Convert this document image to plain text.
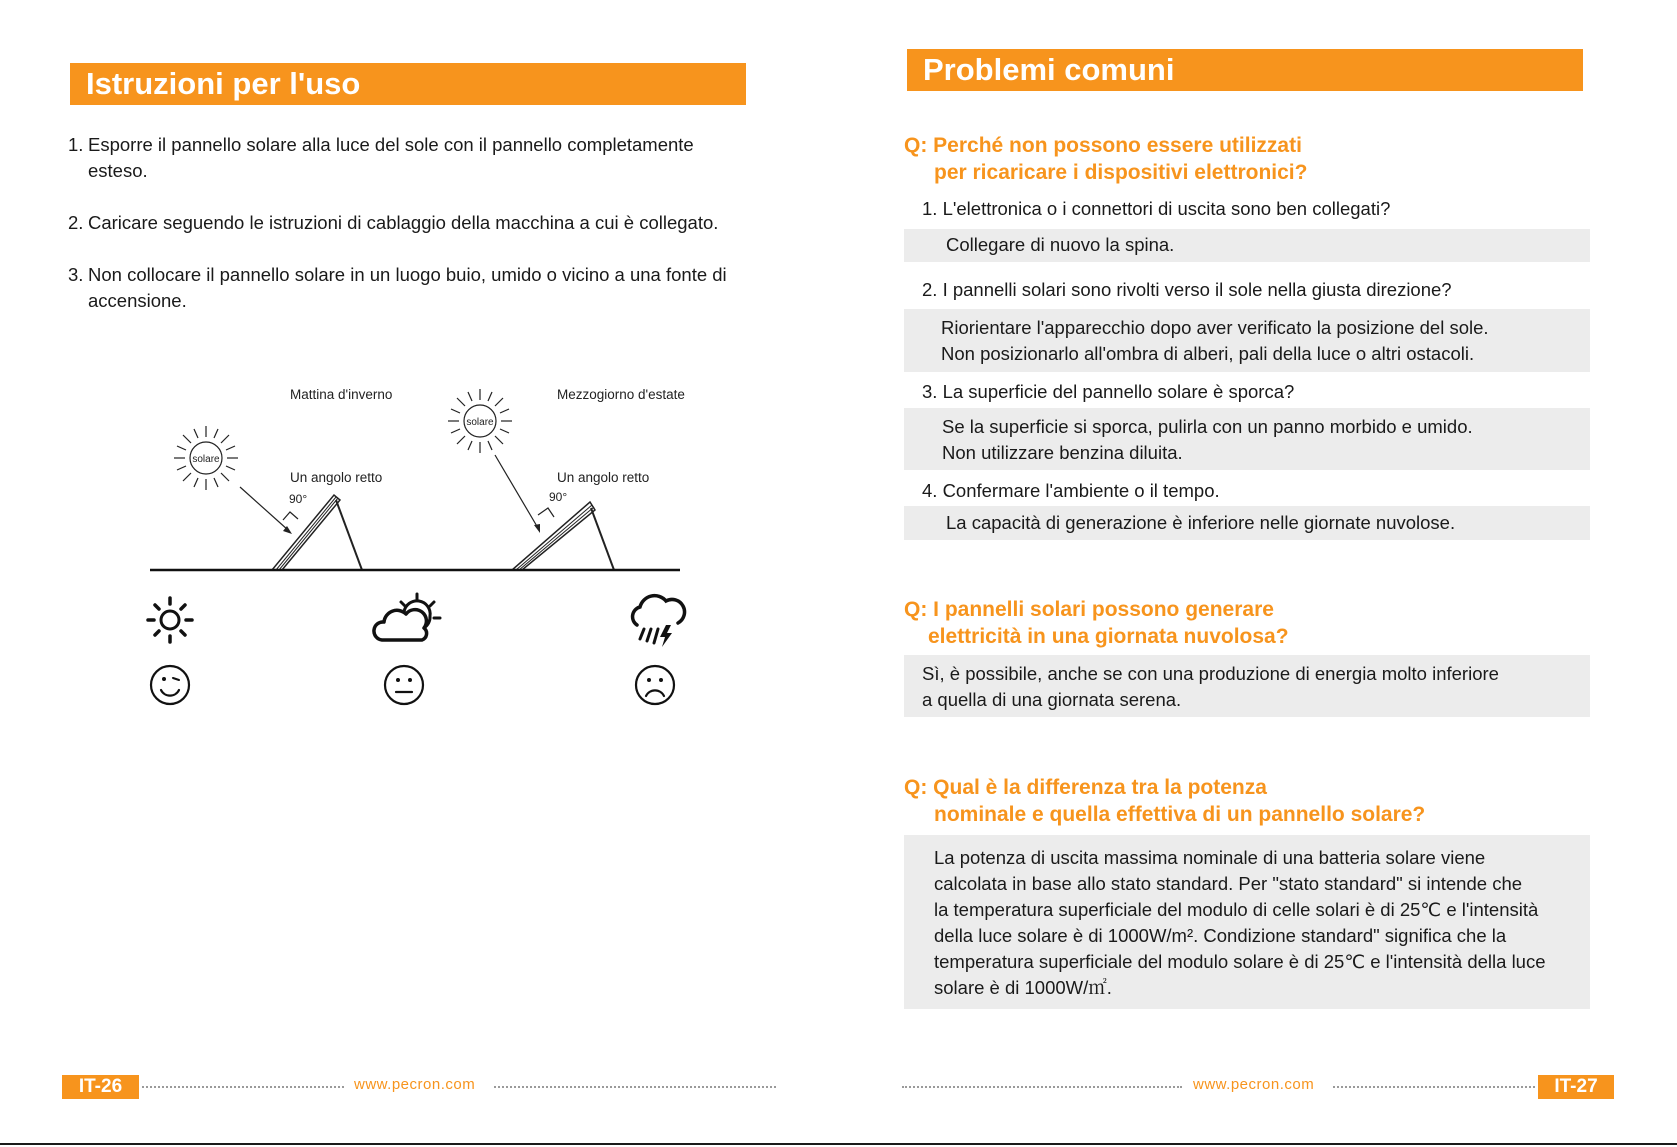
Istruzioni per l'uso
1. Esporre il pannello solare alla luce del sole con il pannello completamente esteso.
2. Caricare seguendo le istruzioni di cablaggio della macchina a cui è collegato.
3. Non collocare il pannello solare in un luogo buio, umido o vicino a una fonte di accensione.
solare
solare
Mattina d'inverno	Mezzogiorno d'estate
Un angolo retto	Un angolo retto
90°	90°
IT-26	www.pecron.com
Problemi comuni
Q: Perché non possono essere utilizzati
per ricaricare i dispositivi elettronici?
1. L'elettronica o i connettori di uscita sono ben collegati?
Collegare di nuovo la spina.
2. I pannelli solari sono rivolti verso il sole nella giusta direzione?
Riorientare l'apparecchio dopo aver verificato la posizione del sole.
Non posizionarlo all'ombra di alberi, pali della luce o altri ostacoli.
3. La superficie del pannello solare è sporca?
Se la superficie si sporca, pulirla con un panno morbido e umido.
Non utilizzare benzina diluita.
4. Confermare l'ambiente o il tempo.
La capacità di generazione è inferiore nelle giornate nuvolose.
Q: I pannelli solari possono generare
elettricità in una giornata nuvolosa?
Sì, è possibile, anche se con una produzione di energia molto inferiore
a quella di una giornata serena.
Q: Qual è la differenza tra la potenza
nominale e quella effettiva di un pannello solare?
La potenza di uscita massima nominale di una batteria solare viene
calcolata in base allo stato standard. Per "stato standard" si intende che
la temperatura superficiale del modulo di celle solari è di 25℃ e l'intensità
della luce solare è di 1000W/m². Condizione standard" significa che la
temperatura superficiale del modulo solare è di 25℃ e l'intensità della luce
solare è di 1000W/㎡.
www.pecron.com	IT-27
